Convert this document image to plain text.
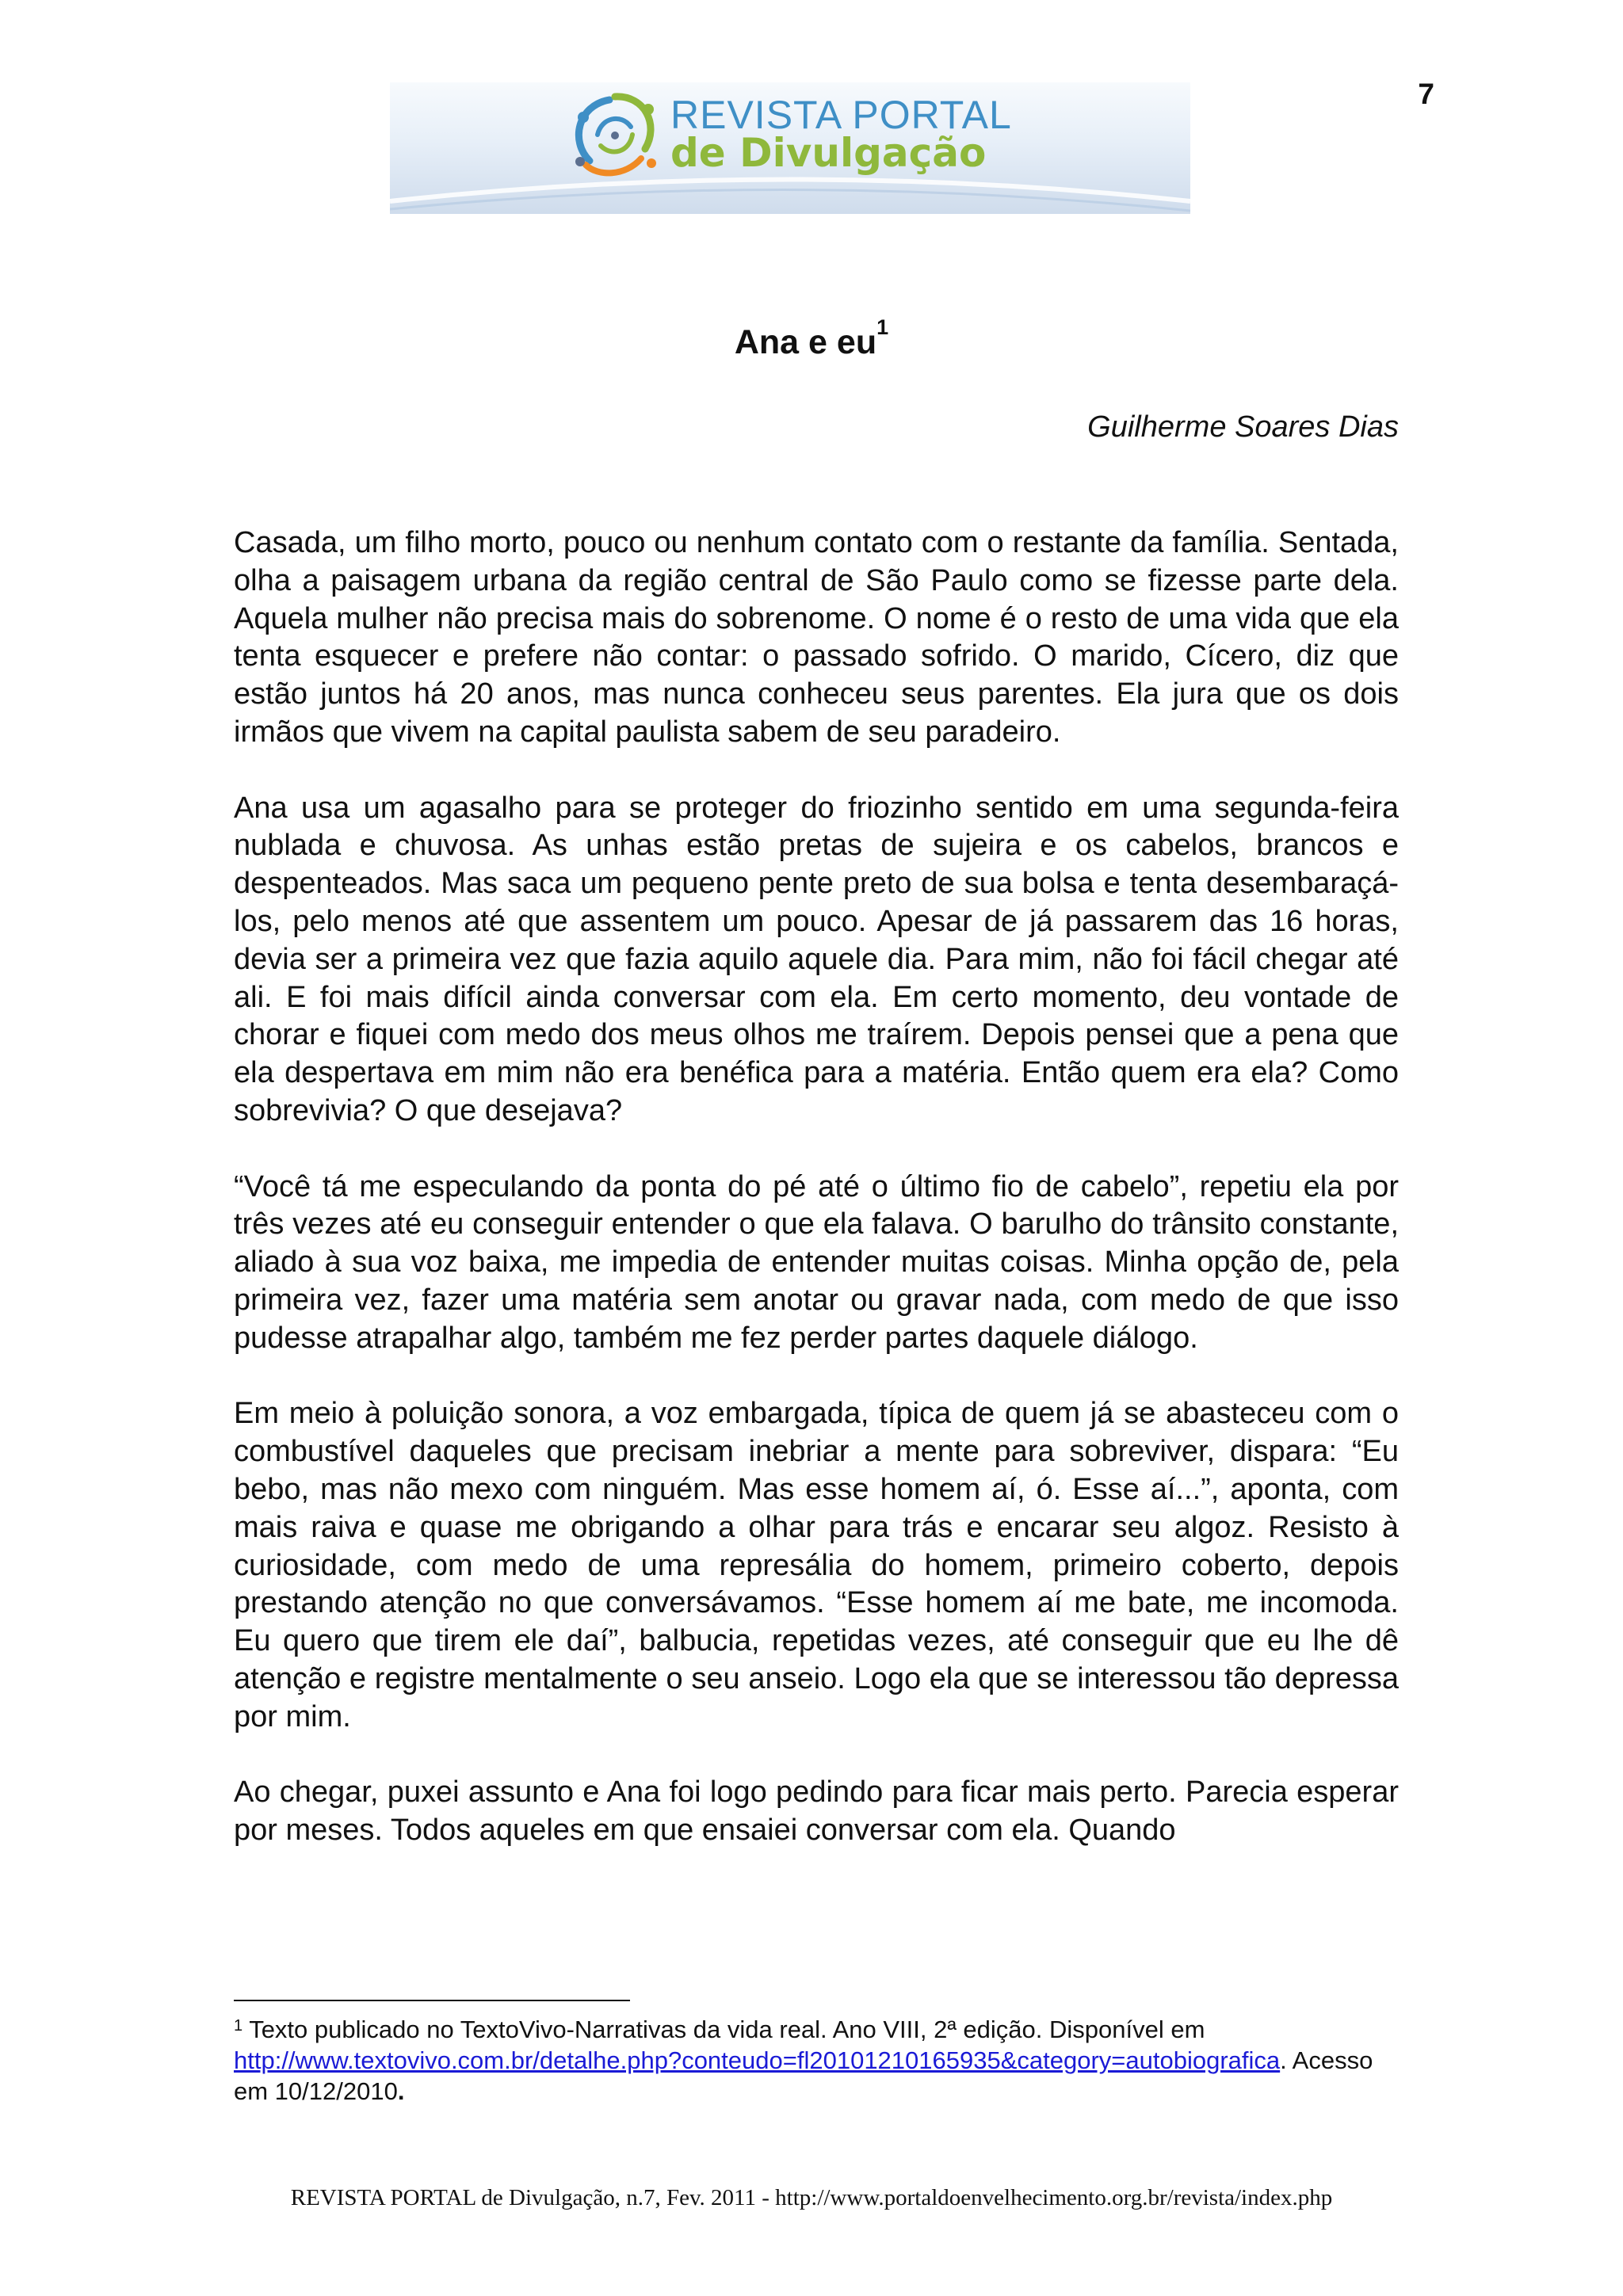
7
REVISTA PORTAL
de Divulgação
Ana e $eu^1$
Guilherme Soares Dias

Casada, um filho morto, pouco ou nenhum contato com o restante da família. Sentada, olha a paisagem urbana da região central de São Paulo como se fizesse parte dela. Aquela mulher não precisa mais do sobrenome. O nome é o resto de uma vida que ela tenta esquecer e prefere não contar: o passado sofrido. O marido, Cícero, diz que estão juntos há 20 anos, mas nunca conheceu seus parentes. Ela jura que os dois irmãos que vivem na capital paulista sabem de seu paradeiro.

Ana usa um agasalho para se proteger do friozinho sentido em uma segunda-feira nublada e chuvosa. As unhas estão pretas de sujeira e os cabelos, brancos e despenteados. Mas saca um pequeno pente preto de sua bolsa e tenta desembaraçá-los, pelo menos até que assentem um pouco. Apesar de já passarem das 16 horas, devia ser a primeira vez que fazia aquilo aquele dia. Para mim, não foi fácil chegar até ali. E foi mais difícil ainda conversar com ela. Em certo momento, deu vontade de chorar e fiquei com medo dos meus olhos me traírem. Depois pensei que a pena que ela despertava em mim não era benéfica para a matéria. Então quem era ela? Como sobrevivia? O que desejava?

“Você tá me especulando da ponta do pé até o último fio de cabelo”, repetiu ela por três vezes até eu conseguir entender o que ela falava. O barulho do trânsito constante, aliado à sua voz baixa, me impedia de entender muitas coisas. Minha opção de, pela primeira vez, fazer uma matéria sem anotar ou gravar nada, com medo de que isso pudesse atrapalhar algo, também me fez perder partes daquele diálogo.

Em meio à poluição sonora, a voz embargada, típica de quem já se abasteceu com o combustível daqueles que precisam inebriar a mente para sobreviver, dispara: “Eu bebo, mas não mexo com ninguém. Mas esse homem aí, ó. Esse aí...”, aponta, com mais raiva e quase me obrigando a olhar para trás e encarar seu algoz. Resisto à curiosidade, com medo de uma represália do homem, primeiro coberto, depois prestando atenção no que conversávamos. “Esse homem aí me bate, me incomoda. Eu quero que tirem ele daí”, balbucia, repetidas vezes, até conseguir que eu lhe dê atenção e registre mentalmente o seu anseio. Logo ela que se interessou tão depressa por mim.

Ao chegar, puxei assunto e Ana foi logo pedindo para ficar mais perto. Parecia esperar por meses. Todos aqueles em que ensaiei conversar com ela. Quando

$^1$ Texto publicado no TextoVivo-Narrativas da vida real. Ano VIII, 2ª edição. Disponível em
http://www.textovivo.com.br/detalhe.php?conteudo=fl20101210165935&category=autobiografica. Acesso em 10/12/2010.
REVISTA PORTAL de Divulgação, n.7, Fev. 2011 - http://www.portaldoenvelhecimento.org.br/revista/index.php
